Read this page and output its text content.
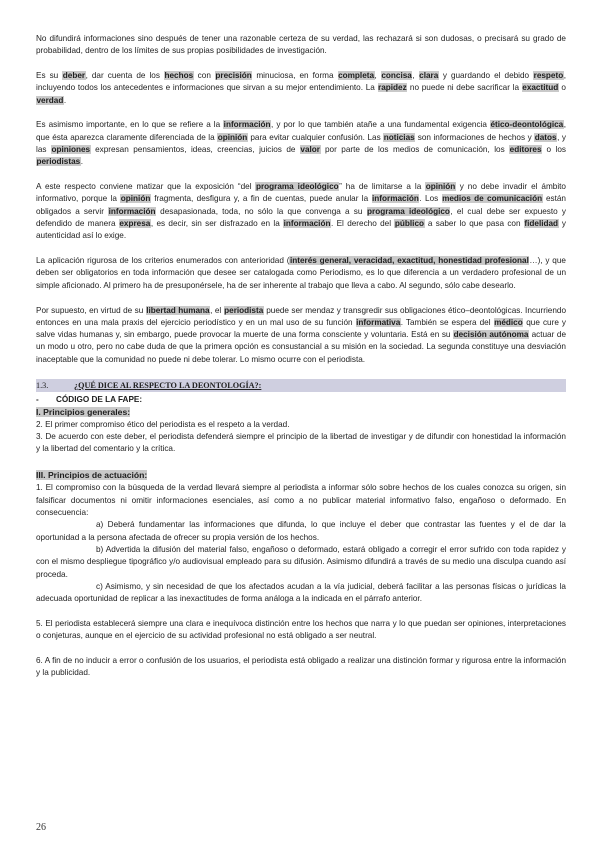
No difundirá informaciones sino después de tener una razonable certeza de su verdad, las rechazará si son dudosas, o precisará su grado de probabilidad, dentro de los límites de sus propias posibilidades de investigación.

Es su deber, dar cuenta de los hechos con precisión minuciosa, en forma completa, concisa, clara y guardando el debido respeto, incluyendo todos los antecedentes e informaciones que sirvan a su mejor entendimiento. La rapidez no puede ni debe sacrificar la exactitud o verdad.

Es asimismo importante, en lo que se refiere a la información, y por lo que también atañe a una fundamental exigencia ético-deontológica, que ésta aparezca claramente diferenciada de la opinión para evitar cualquier confusión. Las noticias son informaciones de hechos y datos, y las opiniones expresan pensamientos, ideas, creencias, juicios de valor por parte de los medios de comunicación, los editores o los periodistas.

A este respecto conviene matizar que la exposición “del programa ideológico” ha de limitarse a la opinión y no debe invadir el ámbito informativo, porque la opinión fragmenta, desfigura y, a fin de cuentas, puede anular la información. Los medios de comunicación están obligados a servir información desapasionada, toda, no sólo la que convenga a su programa ideológico, el cual debe ser expuesto y defendido de manera expresa, es decir, sin ser disfrazado en la información. El derecho del público a saber lo que pasa con fidelidad y autenticidad así lo exige.

La aplicación rigurosa de los criterios enumerados con anterioridad (interés general, veracidad, exactitud, honestidad profesional…), y que deben ser obligatorios en toda información que desee ser catalogada como Periodismo, es lo que diferencia a un verdadero profesional de un simple aficionado. Al primero ha de presuponérsele, ha de ser inherente al trabajo que lleva a cabo. Al segundo, sólo cabe desearlo.

Por supuesto, en virtud de su libertad humana, el periodista puede ser mendaz y transgredir sus obligaciones ético–deontológicas. Incurriendo entonces en una mala praxis del ejercicio periodístico y en un mal uso de su función informativa. También se espera del médico que cure y salve vidas humanas y, sin embargo, puede provocar la muerte de una forma consciente y voluntaria. Está en su decisión autónoma actuar de un modo u otro, pero no cabe duda de que la primera opción es consustancial a su misión en la sociedad. La segunda constituye una desviación inaceptable que la comunidad no puede ni debe tolerar. Lo mismo ocurre con el periodista.

1.3.	¿QUÉ DICE AL RESPECTO LA DEONTOLOGÍA?:

- CÓDIGO DE LA FAPE:

I. Principios generales:

2. El primer compromiso ético del periodista es el respeto a la verdad.

3. De acuerdo con este deber, el periodista defenderá siempre el principio de la libertad de investigar y de difundir con honestidad la información y la libertad del comentario y la crítica.

III. Principios de actuación:

1. El compromiso con la búsqueda de la verdad llevará siempre al periodista a informar sólo sobre hechos de los cuales conozca su origen, sin falsificar documentos ni omitir informaciones esenciales, así como a no publicar material informativo falso, engañoso o deformado. En consecuencia:

a) Deberá fundamentar las informaciones que difunda, lo que incluye el deber que contrastar las fuentes y el de dar la oportunidad a la persona afectada de ofrecer su propia versión de los hechos.

b) Advertida la difusión del material falso, engañoso o deformado, estará obligado a corregir el error sufrido con toda rapidez y con el mismo despliegue tipográfico y/o audiovisual empleado para su difusión. Asimismo difundirá a través de su medio una disculpa cuando así proceda.

c) Asimismo, y sin necesidad de que los afectados acudan a la vía judicial, deberá facilitar a las personas físicas o jurídicas la adecuada oportunidad de replicar a las inexactitudes de forma análoga a la indicada en el párrafo anterior.

5. El periodista establecerá siempre una clara e inequívoca distinción entre los hechos que narra y lo que puedan ser opiniones, interpretaciones o conjeturas, aunque en el ejercicio de su actividad profesional no está obligado a ser neutral.

6. A fin de no inducir a error o confusión de los usuarios, el periodista está obligado a realizar una distinción formar y rigurosa entre la información y la publicidad.

26
